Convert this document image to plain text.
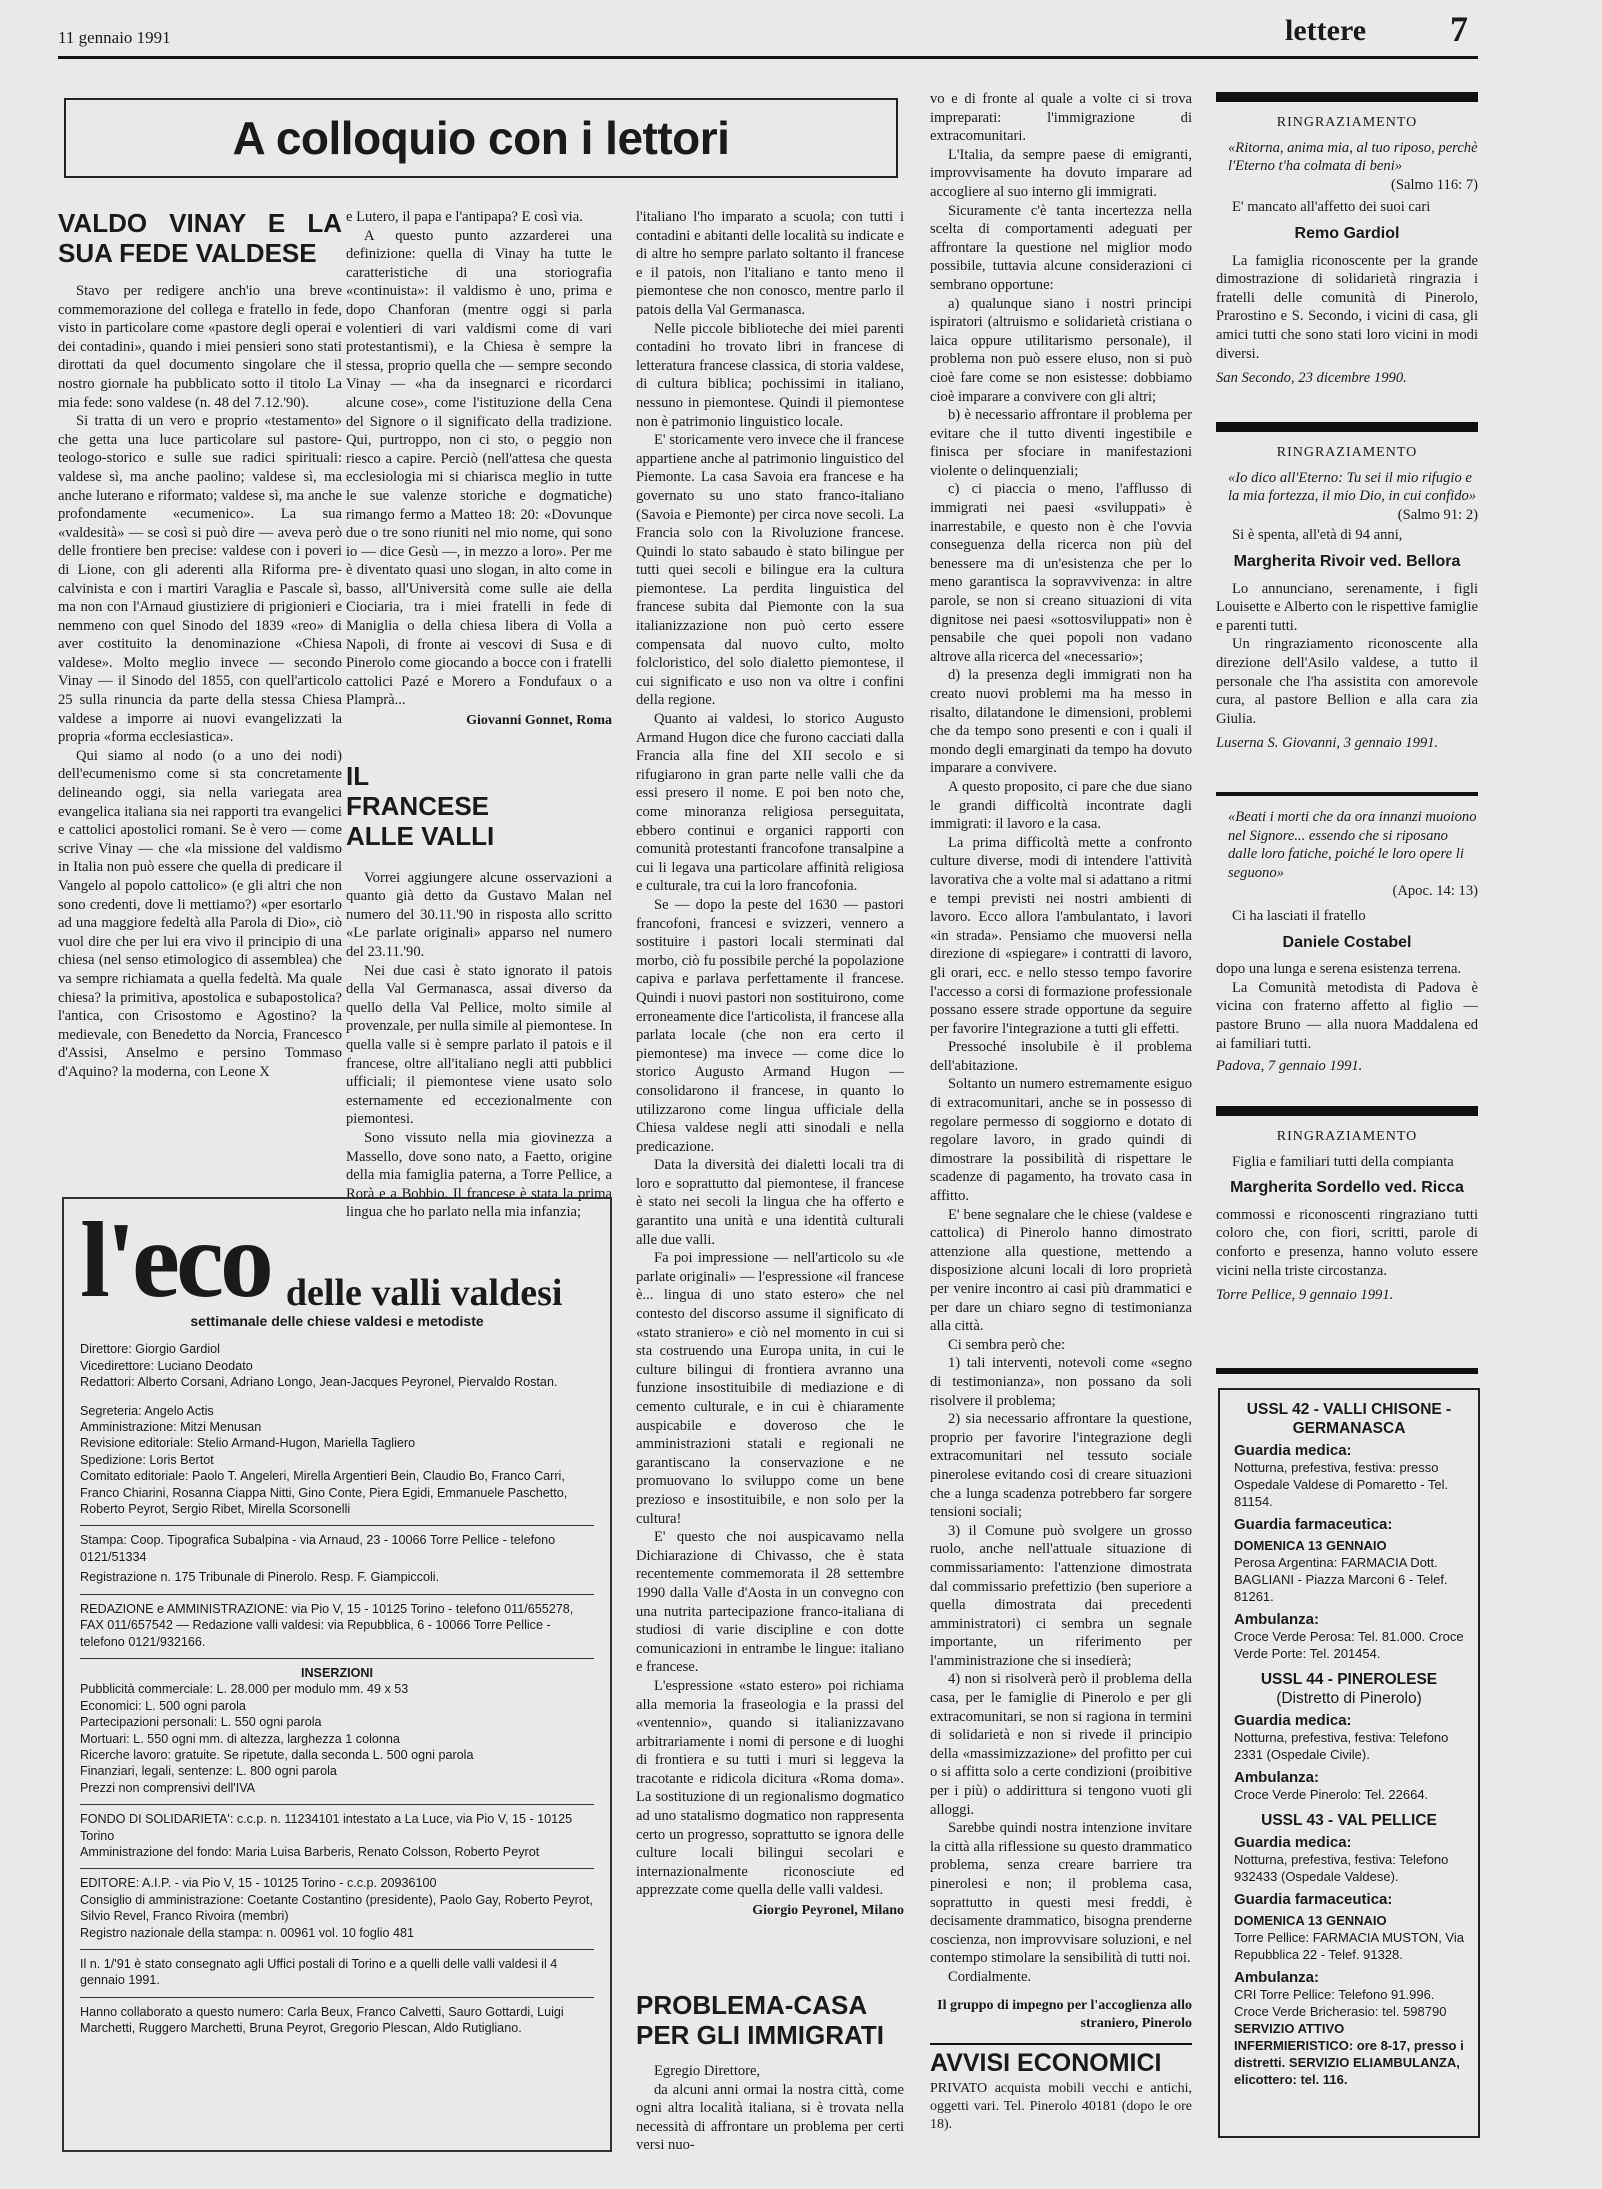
11 gennaio 1991	lettere 7
A colloquio con i lettori
VALDO VINAY E LA SUA FEDE VALDESE

Stavo per redigere anch'io una breve commemorazione del collega e fratello in fede, visto in particolare come «pastore degli operai e dei contadini», quando i miei pensieri sono stati dirottati da quel documento singolare che il nostro giornale ha pubblicato sotto il titolo La mia fede: sono valdese (n. 48 del 7.12.'90).

Si tratta di un vero e proprio «testamento» che getta una luce particolare sul pastore-teologo-storico e sulle sue radici spirituali: valdese sì, ma anche paolino; valdese sì, ma anche luterano e riformato; valdese sì, ma anche profondamente «ecumenico». La sua «valdesità» — se così si può dire — aveva però delle frontiere ben precise: valdese con i poveri di Lione, con gli aderenti alla Riforma pre-calvinista e con i martiri Varaglia e Pascale sì, ma non con l'Arnaud giustiziere di prigionieri e nemmeno con quel Sinodo del 1839 «reo» di aver costituito la denominazione «Chiesa valdese». Molto meglio invece — secondo Vinay — il Sinodo del 1855, con quell'articolo 25 sulla rinuncia da parte della stessa Chiesa valdese a imporre ai nuovi evangelizzati la propria «forma ecclesiastica».

Qui siamo al nodo (o a uno dei nodi) dell'ecumenismo come si sta concretamente delineando oggi, sia nella variegata area evangelica italiana sia nei rapporti tra evangelici e cattolici apostolici romani. Se è vero — come scrive Vinay — che «la missione del valdismo in Italia non può essere che quella di predicare il Vangelo al popolo cattolico» (e gli altri che non sono credenti, dove li mettiamo?) «per esortarlo ad una maggiore fedeltà alla Parola di Dio», ciò vuol dire che per lui era vivo il principio di una chiesa (nel senso etimologico di assemblea) che va sempre richiamata a quella fedeltà. Ma quale chiesa? la primitiva, apostolica e subapostolica? l'antica, con Crisostomo e Agostino? la medievale, con Benedetto da Norcia, Francesco d'Assisi, Anselmo e persino Tommaso d'Aquino? la moderna, con Leone X

e Lutero, il papa e l'antipapa? E così via.

A questo punto azzarderei una definizione: quella di Vinay ha tutte le caratteristiche di una storiografia «continuista»: il valdismo è uno, prima e dopo Chanforan (mentre oggi si parla volentieri di vari valdismi come di vari protestantismi), e la Chiesa è sempre la stessa, proprio quella che — sempre secondo Vinay — «ha da insegnarci e ricordarci alcune cose», come l'istituzione della Cena del Signore o il significato della tradizione. Qui, purtroppo, non ci sto, o peggio non riesco a capire. Perciò (nell'attesa che questa ecclesiologia mi si chiarisca meglio in tutte le sue valenze storiche e dogmatiche) rimango fermo a Matteo 18: 20: «Dovunque due o tre sono riuniti nel mio nome, qui sono io — dice Gesù —, in mezzo a loro». Per me è diventato quasi uno slogan, in alto come in basso, all'Università come sulle aie della Ciociaria, tra i miei fratelli in fede di Maniglia o della chiesa libera di Volla a Napoli, di fronte ai vescovi di Susa e di Pinerolo come giocando a bocce con i fratelli cattolici Pazé e Morero a Fondufaux o a Plamprà...

Giovanni Gonnet, Roma
IL FRANCESE ALLE VALLI

Vorrei aggiungere alcune osservazioni a quanto già detto da Gustavo Malan nel numero del 30.11.'90 in risposta allo scritto «Le parlate originali» apparso nel numero del 23.11.'90.

Nei due casi è stato ignorato il patois della Val Germanasca, assai diverso da quello della Val Pellice, molto simile al provenzale, per nulla simile al piemontese. In quella valle si è sempre parlato il patois e il francese, oltre all'italiano negli atti pubblici ufficiali; il piemontese viene usato solo esternamente ed eccezionalmente con piemontesi.

Sono vissuto nella mia giovinezza a Massello, dove sono nato, a Faetto, origine della mia famiglia paterna, a Torre Pellice, a Rorà e a Bobbio. Il francese è stata la prima lingua che ho parlato nella mia infanzia;

l'eco delle valli valdesi
settimanale delle chiese valdesi e metodiste

Direttore: Giorgio Gardiol

Vicedirettore: Luciano Deodato

Redattori: Alberto Corsani, Adriano Longo, Jean-Jacques Peyronel, Piervaldo Rostan.

Segreteria: Angelo Actis

Amministrazione: Mitzi Menusan

Revisione editoriale: Stelio Armand-Hugon, Mariella Tagliero

Spedizione: Loris Bertot

Comitato editoriale: Paolo T. Angeleri, Mirella Argentieri Bein, Claudio Bo, Franco Carri, Franco Chiarini, Rosanna Ciappa Nitti, Gino Conte, Piera Egidi, Emmanuele Paschetto, Roberto Peyrot, Sergio Ribet, Mirella Scorsonelli

Stampa: Coop. Tipografica Subalpina - via Arnaud, 23 - 10066 Torre Pellice - telefono 0121/51334

Registrazione n. 175 Tribunale di Pinerolo. Resp. F. Giampiccoli.

REDAZIONE e AMMINISTRAZIONE: via Pio V, 15 - 10125 Torino - telefono 011/655278, FAX 011/657542 — Redazione valli valdesi: via Repubblica, 6 - 10066 Torre Pellice - telefono 0121/932166.

INSERZIONI

Pubblicità commerciale: L. 28.000 per modulo mm. 49 x 53

Economici: L. 500 ogni parola

Partecipazioni personali: L. 550 ogni parola

Mortuari: L. 550 ogni mm. di altezza, larghezza 1 colonna

Ricerche lavoro: gratuite. Se ripetute, dalla seconda L. 500 ogni parola

Finanziari, legali, sentenze: L. 800 ogni parola

Prezzi non comprensivi dell'IVA

FONDO DI SOLIDARIETA': c.c.p. n. 11234101 intestato a La Luce, via Pio V, 15 - 10125 Torino

Amministrazione del fondo: Maria Luisa Barberis, Renato Colsson, Roberto Peyrot

EDITORE: A.I.P. - via Pio V, 15 - 10125 Torino - c.c.p. 20936100

Consiglio di amministrazione: Coetante Costantino (presidente), Paolo Gay, Roberto Peyrot, Silvio Revel, Franco Rivoira (membri)

Registro nazionale della stampa: n. 00961 vol. 10 foglio 481

Il n. 1/'91 è stato consegnato agli Uffici postali di Torino e a quelli delle valli valdesi il 4 gennaio 1991.

Hanno collaborato a questo numero: Carla Beux, Franco Calvetti, Sauro Gottardi, Luigi Marchetti, Ruggero Marchetti, Bruna Peyrot, Gregorio Plescan, Aldo Rutigliano.

l'italiano l'ho imparato a scuola; con tutti i contadini e abitanti delle località su indicate e di altre ho sempre parlato soltanto il francese e il patois, non l'italiano e tanto meno il piemontese che non conosco, mentre parlo il patois della Val Germanasca.

Nelle piccole biblioteche dei miei parenti contadini ho trovato libri in francese di letteratura francese classica, di storia valdese, di cultura biblica; pochissimi in italiano, nessuno in piemontese. Quindi il piemontese non è patrimonio linguistico locale.

E' storicamente vero invece che il francese appartiene anche al patrimonio linguistico del Piemonte. La casa Savoia era francese e ha governato su uno stato franco-italiano (Savoia e Piemonte) per circa nove secoli. La Francia solo con la Rivoluzione francese. Quindi lo stato sabaudo è stato bilingue per tutti quei secoli e bilingue era la cultura piemontese. La perdita linguistica del francese subita dal Piemonte con la sua italianizzazione non può certo essere compensata dal nuovo culto, molto folcloristico, del solo dialetto piemontese, il cui significato e uso non va oltre i confini della regione.

Quanto ai valdesi, lo storico Augusto Armand Hugon dice che furono cacciati dalla Francia alla fine del XII secolo e si rifugiarono in gran parte nelle valli che da essi presero il nome. E poi ben noto che, come minoranza religiosa perseguitata, ebbero continui e organici rapporti con comunità protestanti francofone transalpine a cui li legava una particolare affinità religiosa e culturale, tra cui la loro francofonia.

Se — dopo la peste del 1630 — pastori francofoni, francesi e svizzeri, vennero a sostituire i pastori locali sterminati dal morbo, ciò fu possibile perché la popolazione capiva e parlava perfettamente il francese. Quindi i nuovi pastori non sostituirono, come erroneamente dice l'articolista, il francese alla parlata locale (che non era certo il piemontese) ma invece — come dice lo storico Augusto Armand Hugon — consolidarono il francese, in quanto lo utilizzarono come lingua ufficiale della Chiesa valdese negli atti sinodali e nella predicazione.

Data la diversità dei dialetti locali tra di loro e soprattutto dal piemontese, il francese è stato nei secoli la lingua che ha offerto e garantito una unità e una identità culturali alle due valli.

Fa poi impressione — nell'articolo su «le parlate originali» — l'espressione «il francese è... lingua di uno stato estero» che nel contesto del discorso assume il significato di «stato straniero» e ciò nel momento in cui si sta costruendo una Europa unita, in cui le culture bilingui di frontiera avranno una funzione insostituibile di mediazione e di cemento culturale, e in cui è chiaramente auspicabile e doveroso che le amministrazioni statali e regionali ne garantiscano la conservazione e ne promuovano lo sviluppo come un bene prezioso e insostituibile, e non solo per la cultura!

E' questo che noi auspicavamo nella Dichiarazione di Chivasso, che è stata recentemente commemorata il 28 settembre 1990 dalla Valle d'Aosta in un convegno con una nutrita partecipazione franco-italiana di studiosi di varie discipline e con dotte comunicazioni in entrambe le lingue: italiano e francese.

L'espressione «stato estero» poi richiama alla memoria la fraseologia e la prassi del «ventennio», quando si italianizzavano arbitrariamente i nomi di persone e di luoghi di frontiera e su tutti i muri si leggeva la tracotante e ridicola dicitura «Roma doma». La sostituzione di un regionalismo dogmatico ad uno statalismo dogmatico non rappresenta certo un progresso, soprattutto se ignora delle culture locali bilingui secolari e internazionalmente riconosciute ed apprezzate come quella delle valli valdesi.

Giorgio Peyronel, Milano
PROBLEMA-CASA PER GLI IMMIGRATI

Egregio Direttore,

da alcuni anni ormai la nostra città, come ogni altra località italiana, si è trovata nella necessità di affrontare un problema per certi versi nuo-

vo e di fronte al quale a volte ci si trova impreparati: l'immigrazione di extracomunitari.

L'Italia, da sempre paese di emigranti, improvvisamente ha dovuto imparare ad accogliere al suo interno gli immigrati.

Sicuramente c'è tanta incertezza nella scelta di comportamenti adeguati per affrontare la questione nel miglior modo possibile, tuttavia alcune considerazioni ci sembrano opportune:

a) qualunque siano i nostri principi ispiratori (altruismo e solidarietà cristiana o laica oppure utilitarismo personale), il problema non può essere eluso, non si può cioè fare come se non esistesse: dobbiamo cioè imparare a convivere con gli altri;

b) è necessario affrontare il problema per evitare che il tutto diventi ingestibile e finisca per sfociare in manifestazioni violente o delinquenziali;

c) ci piaccia o meno, l'afflusso di immigrati nei paesi «sviluppati» è inarrestabile, e questo non è che l'ovvia conseguenza della ricerca non più del benessere ma di un'esistenza che per lo meno garantisca la sopravvivenza: in altre parole, se non si creano situazioni di vita dignitose nei paesi «sottosviluppati» non è pensabile che quei popoli non vadano altrove alla ricerca del «necessario»;

d) la presenza degli immigrati non ha creato nuovi problemi ma ha messo in risalto, dilatandone le dimensioni, problemi che da tempo sono presenti e con i quali il mondo degli emarginati da tempo ha dovuto imparare a convivere.

A questo proposito, ci pare che due siano le grandi difficoltà incontrate dagli immigrati: il lavoro e la casa.

La prima difficoltà mette a confronto culture diverse, modi di intendere l'attività lavorativa che a volte mal si adattano a ritmi e tempi previsti nei nostri ambienti di lavoro. Ecco allora l'ambulantato, i lavori «in strada». Pensiamo che muoversi nella direzione di «spiegare» i contratti di lavoro, gli orari, ecc. e nello stesso tempo favorire l'accesso a corsi di formazione professionale possano essere strade opportune da seguire per favorire l'integrazione a tutti gli effetti.

Pressoché insolubile è il problema dell'abitazione.

Soltanto un numero estremamente esiguo di extracomunitari, anche se in possesso di regolare permesso di soggiorno e dotato di regolare lavoro, in grado quindi di dimostrare la possibilità di rispettare le scadenze di pagamento, ha trovato casa in affitto.

E' bene segnalare che le chiese (valdese e cattolica) di Pinerolo hanno dimostrato attenzione alla questione, mettendo a disposizione alcuni locali di loro proprietà per venire incontro ai casi più drammatici e per dare un chiaro segno di testimonianza alla città.

Ci sembra però che:

1) tali interventi, notevoli come «segno di testimonianza», non possano da soli risolvere il problema;

2) sia necessario affrontare la questione, proprio per favorire l'integrazione degli extracomunitari nel tessuto sociale pinerolese evitando così di creare situazioni che a lunga scadenza potrebbero far sorgere tensioni sociali;

3) il Comune può svolgere un grosso ruolo, anche nell'attuale situazione di commissariamento: l'attenzione dimostrata dal commissario prefettizio (ben superiore a quella dimostrata dai precedenti amministratori) ci sembra un segnale importante, un riferimento per l'amministrazione che si insedierà;

4) non si risolverà però il problema della casa, per le famiglie di Pinerolo e per gli extracomunitari, se non si ragiona in termini di solidarietà e non si rivede il principio della «massimizzazione» del profitto per cui o si affitta solo a certe condizioni (proibitive per i più) o addirittura si tengono vuoti gli alloggi.

Sarebbe quindi nostra intenzione invitare la città alla riflessione su questo drammatico problema, senza creare barriere tra pinerolesi e non; il problema casa, soprattutto in questi mesi freddi, è decisamente drammatico, bisogna prenderne coscienza, non improvvisare soluzioni, e nel contempo stimolare la sensibilità di tutti noi.

Cordialmente.

Il gruppo di impegno per l'accoglienza allo straniero, Pinerolo
AVVISI ECONOMICI
PRIVATO acquista mobili vecchi e antichi, oggetti vari. Tel. Pinerolo 40181 (dopo le ore 18).
RINGRAZIAMENTO
«Ritorna, anima mia, al tuo riposo, perchè l'Eterno t'ha colmata di beni»
(Salmo 116: 7)

E' mancato all'affetto dei suoi cari

Remo Gardiol

La famiglia riconoscente per la grande dimostrazione di solidarietà ringrazia i fratelli delle comunità di Pinerolo, Prarostino e S. Secondo, i vicini di casa, gli amici tutti che sono stati loro vicini in modi diversi.

San Secondo, 23 dicembre 1990.
RINGRAZIAMENTO
«Io dico all'Eterno: Tu sei il mio rifugio e la mia fortezza, il mio Dio, in cui confido»
(Salmo 91: 2)

Si è spenta, all'età di 94 anni,

Margherita Rivoir ved. Bellora

Lo annunciano, serenamente, i figli Louisette e Alberto con le rispettive famiglie e parenti tutti.

Un ringraziamento riconoscente alla direzione dell'Asilo valdese, a tutto il personale che l'ha assistita con amorevole cura, al pastore Bellion e alla cara zia Giulia.

Luserna S. Giovanni, 3 gennaio 1991.
«Beati i morti che da ora innanzi muoiono nel Signore... essendo che si riposano dalle loro fatiche, poiché le loro opere li seguono»
(Apoc. 14: 13)

Ci ha lasciati il fratello

Daniele Costabel

dopo una lunga e serena esistenza terrena.

La Comunità metodista di Padova è vicina con fraterno affetto al figlio — pastore Bruno — alla nuora Maddalena ed ai familiari tutti.

Padova, 7 gennaio 1991.
RINGRAZIAMENTO

Figlia e familiari tutti della compianta

Margherita Sordello ved. Ricca

commossi e riconoscenti ringraziano tutti coloro che, con fiori, scritti, parole di conforto e presenza, hanno voluto essere vicini nella triste circostanza.

Torre Pellice, 9 gennaio 1991.
USSL 42 - VALLI CHISONE - GERMANASCA
Guardia medica:
Notturna, prefestiva, festiva: presso Ospedale Valdese di Pomaretto - Tel. 81154.
Guardia farmaceutica:
DOMENICA 13 GENNAIO
Perosa Argentina: FARMACIA Dott. BAGLIANI - Piazza Marconi 6 - Telef. 81261.
Ambulanza:
Croce Verde Perosa: Tel. 81.000. Croce Verde Porte: Tel. 201454.
USSL 44 - PINEROLESE
(Distretto di Pinerolo)
Guardia medica:
Notturna, prefestiva, festiva: Telefono 2331 (Ospedale Civile).
Ambulanza:
Croce Verde Pinerolo: Tel. 22664.
USSL 43 - VAL PELLICE
Guardia medica:
Notturna, prefestiva, festiva: Telefono 932433 (Ospedale Valdese).
Guardia farmaceutica:
DOMENICA 13 GENNAIO
Torre Pellice: FARMACIA MUSTON, Via Repubblica 22 - Telef. 91328.
Ambulanza:
CRI Torre Pellice: Telefono 91.996. Croce Verde Bricherasio: tel. 598790
SERVIZIO ATTIVO INFERMIERISTICO: ore 8-17, presso i distretti. SERVIZIO ELIAMBULANZA, elicottero: tel. 116.
